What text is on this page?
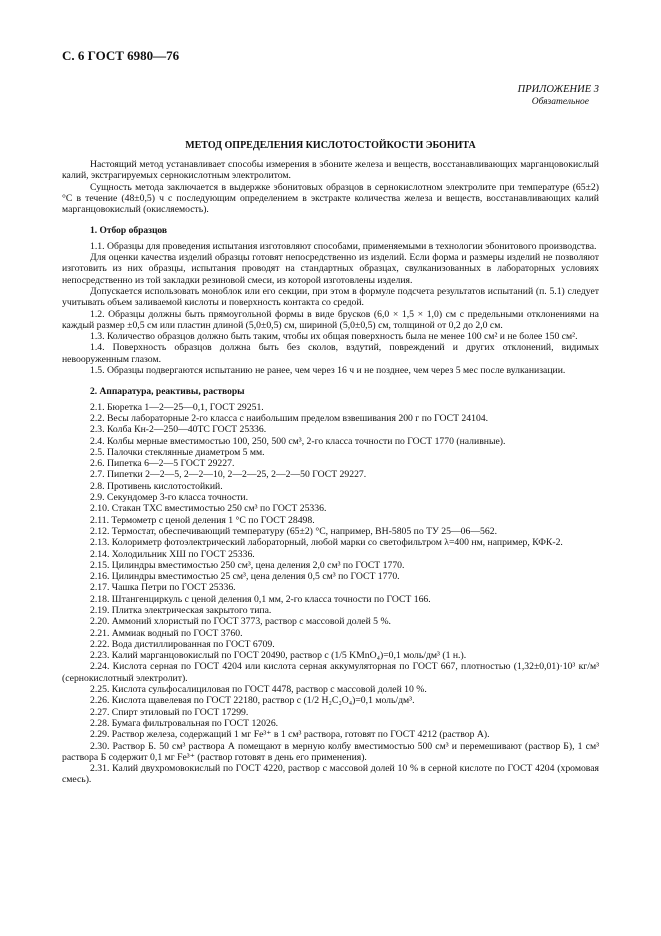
С. 6 ГОСТ 6980—76
ПРИЛОЖЕНИЕ 3
Обязательное
МЕТОД ОПРЕДЕЛЕНИЯ КИСЛОТОСТОЙКОСТИ ЭБОНИТА

Настоящий метод устанавливает способы измерения в эбоните железа и веществ, восстанавливающих марганцовокислый калий, экстрагируемых сернокислотным электролитом.

Сущность метода заключается в выдержке эбонитовых образцов в сернокислотном электролите при температуре (65±2) °С в течение (48±0,5) ч с последующим определением в экстракте количества железа и веществ, восстанавливающих калий марганцовокислый (окисляемость).

1. Отбор образцов

1.1. Образцы для проведения испытания изготовляют способами, применяемыми в технологии эбонитового производства.

Для оценки качества изделий образцы готовят непосредственно из изделий. Если форма и размеры изделий не позволяют изготовить из них образцы, испытания проводят на стандартных образцах, свулканизованных в лабораторных условиях непосредственно из той закладки резиновой смеси, из которой изготовлены изделия.

Допускается использовать моноблок или его секции, при этом в формуле подсчета результатов испытаний (п. 5.1) следует учитывать объем заливаемой кислоты и поверхность контакта со средой.

1.2. Образцы должны быть прямоугольной формы в виде брусков (6,0 × 1,5 × 1,0) см с предельными отклонениями на каждый размер ±0,5 см или пластин длиной (5,0±0,5) см, шириной (5,0±0,5) см, толщиной от 0,2 до 2,0 см.

1.3. Количество образцов должно быть таким, чтобы их общая поверхность была не менее 100 см² и не более 150 см².

1.4. Поверхность образцов должна быть без сколов, вздутий, повреждений и других отклонений, видимых невооруженным глазом.

1.5. Образцы подвергаются испытанию не ранее, чем через 16 ч и не позднее, чем через 5 мес после вулканизации.

2. Аппаратура, реактивы, растворы

2.1. Бюретка 1—2—25—0,1, ГОСТ 29251.

2.2. Весы лабораторные 2-го класса с наибольшим пределом взвешивания 200 г по ГОСТ 24104.

2.3. Колба Кн-2—250—40ТС ГОСТ 25336.

2.4. Колбы мерные вместимостью 100, 250, 500 см³, 2-го класса точности по ГОСТ 1770 (наливные).

2.5. Палочки стеклянные диаметром 5 мм.

2.6. Пипетка 6—2—5 ГОСТ 29227.

2.7. Пипетки 2—2—5, 2—2—10, 2—2—25, 2—2—50 ГОСТ 29227.

2.8. Противень кислотостойкий.

2.9. Секундомер 3-го класса точности.

2.10. Стакан ТХС вместимостью 250 см³ по ГОСТ 25336.

2.11. Термометр с ценой деления 1 °С по ГОСТ 28498.

2.12. Термостат, обеспечивающий температуру (65±2) °С, например, ВН-5805 по ТУ 25—06—562.

2.13. Колориметр фотоэлектрический лабораторный, любой марки со светофильтром λ=400 нм, например, КФК-2.

2.14. Холодильник ХШ по ГОСТ 25336.

2.15. Цилиндры вместимостью 250 см³, цена деления 2,0 см³ по ГОСТ 1770.

2.16. Цилиндры вместимостью 25 см³, цена деления 0,5 см³ по ГОСТ 1770.

2.17. Чашка Петри по ГОСТ 25336.

2.18. Штангенциркуль с ценой деления 0,1 мм, 2-го класса точности по ГОСТ 166.

2.19. Плитка электрическая закрытого типа.

2.20. Аммоний хлористый по ГОСТ 3773, раствор с массовой долей 5 %.

2.21. Аммиак водный по ГОСТ 3760.

2.22. Вода дистиллированная по ГОСТ 6709.

2.23. Калий марганцовокислый по ГОСТ 20490, раствор c (1/5 KMnO₄)=0,1 моль/дм³ (1 н.).

2.24. Кислота серная по ГОСТ 4204 или кислота серная аккумуляторная по ГОСТ 667, плотностью (1,32±0,01)·10³ кг/м³ (сернокислотный электролит).

2.25. Кислота сульфосалициловая по ГОСТ 4478, раствор с массовой долей 10 %.

2.26. Кислота щавелевая по ГОСТ 22180, раствор c (1/2 H₂C₂O₄)=0,1 моль/дм³.

2.27. Спирт этиловый по ГОСТ 17299.

2.28. Бумага фильтровальная по ГОСТ 12026.

2.29. Раствор железа, содержащий 1 мг Fe³⁺ в 1 см³ раствора, готовят по ГОСТ 4212 (раствор А).

2.30. Раствор Б. 50 см³ раствора А помещают в мерную колбу вместимостью 500 см³ и перемешивают (раствор Б), 1 см³ раствора Б содержит 0,1 мг Fe³⁺ (раствор готовят в день его применения).

2.31. Калий двухромовокислый по ГОСТ 4220, раствор с массовой долей 10 % в серной кислоте по ГОСТ 4204 (хромовая смесь).
